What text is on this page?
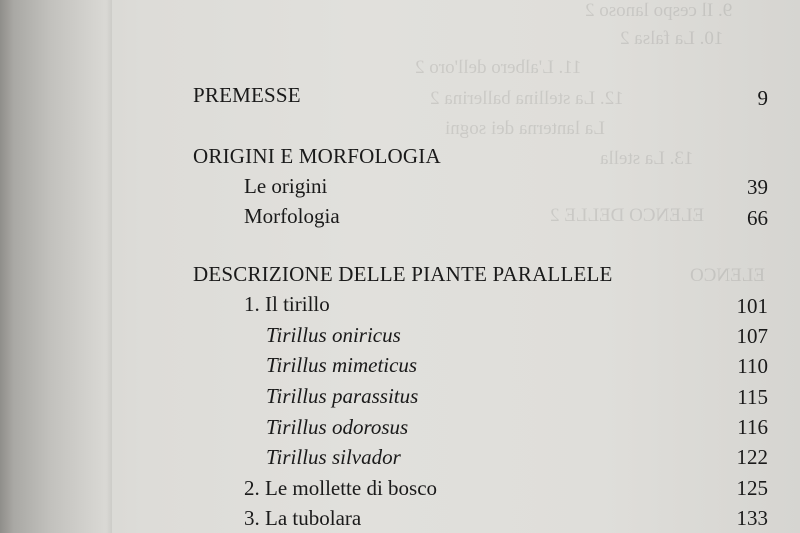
9. Il cespo lanoso 2
10. La falsa 2
11. L'albero dell'oro 2
12. La stellina ballerina 2
La lanterna dei sogni
13. La stella
ELENCO DELLE 2
ELENCO
PREMESSE	9
ORIGINI E MORFOLOGIA
Le origini	39
Morfologia	66
DESCRIZIONE DELLE PIANTE PARALLELE
1. Il tirillo	101
Tirillus oniricus	107
Tirillus mimeticus	110
Tirillus parassitus	115
Tirillus odorosus	116
Tirillus silvador	122
2. Le mollette di bosco	125
3. La tubolara	133
